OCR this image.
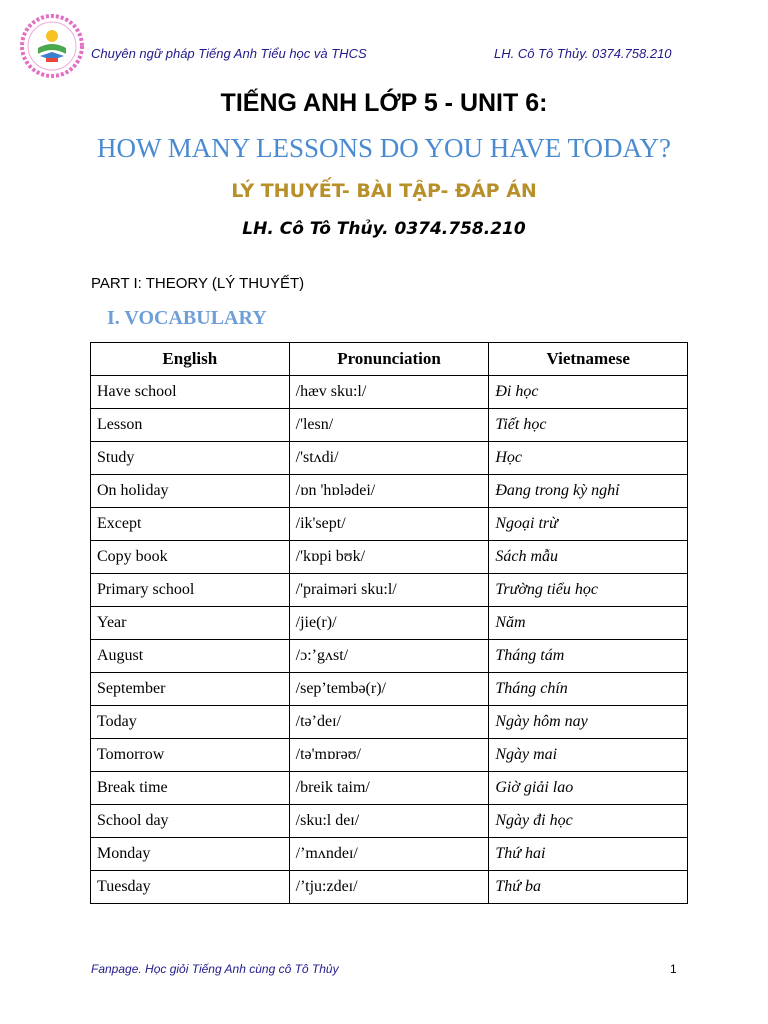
Chuyên ngữ pháp Tiếng Anh Tiểu học và THCS	LH. Cô Tô Thủy. 0374.758.210
TIẾNG ANH LỚP 5 - UNIT 6:
HOW MANY LESSONS DO YOU HAVE TODAY?
LÝ THUYẾT- BÀI TẬP- ĐÁP ÁN
LH. Cô Tô Thủy. 0374.758.210
PART I: THEORY (LÝ THUYẾT)
I. VOCABULARY
English	Pronunciation	Vietnamese
Have school	/hæv sku:l/	Đi học
Lesson	/'lesn/	Tiết học
Study	/'stʌdi/	Học
On holiday	/ɒn 'hɒlədei/	Đang trong kỳ nghỉ
Except	/ik'sept/	Ngoại trừ
Copy book	/'kɒpi bʊk/	Sách mẫu
Primary school	/'praiməri sku:l/	Trường tiểu học
Year	/jie(r)/	Năm
August	/ɔ:’gʌst/	Tháng tám
September	/sep’tembə(r)/	Tháng chín
Today	/tə’deɪ/	Ngày hôm nay
Tomorrow	/tə'mɒrəʊ/	Ngày mai
Break time	/breik taim/	Giờ giải lao
School day	/sku:l deɪ/	Ngày đi học
Monday	/’mʌndeɪ/	Thứ hai
Tuesday	/’tju:zdeɪ/	Thứ ba
Fanpage. Học giỏi Tiếng Anh cùng cô Tô Thủy	1
